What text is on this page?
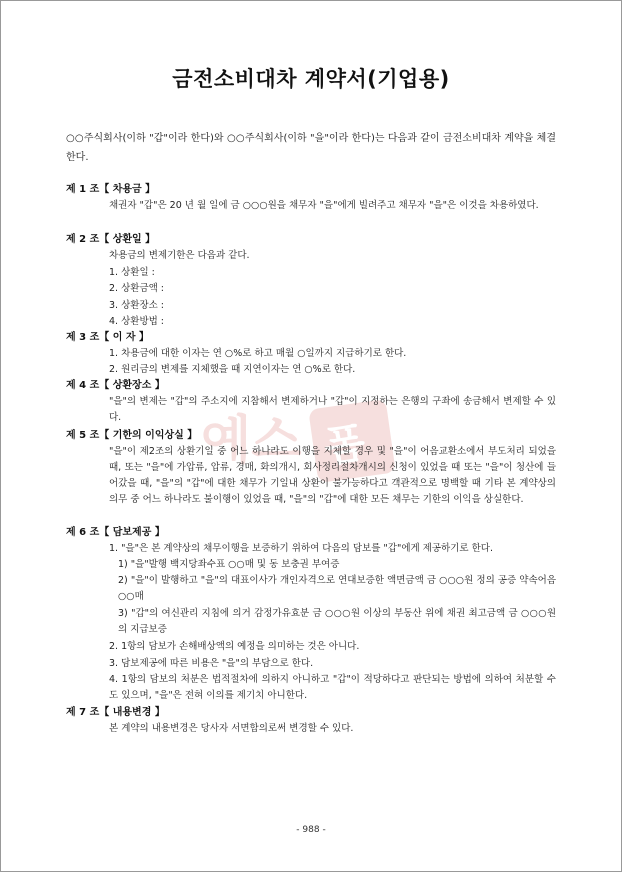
금전소비대차 계약서(기업용)
예스 폼
○○주식회사(이하 "갑"이라 한다)와 ○○주식회사(이하 "을"이라 한다)는 다음과 같이 금전소비대차 계약을 체결한다.
제 1 조【 차용금 】
채권자 "갑"은 20 년 월 일에 금 ○○○원을 채무자 "을"에게 빌려주고 채무자 "을"은 이것을 차용하였다.
제 2 조【 상환일 】
차용금의 변제기한은 다음과 같다.
1. 상환일 :
2. 상환금액 :
3. 상환장소 :
4. 상환방법 :
제 3 조【 이 자 】
1. 차용금에 대한 이자는 연 ○%로 하고 매월 ○일까지 지급하기로 한다.
2. 원리금의 변제를 지체했을 때 지연이자는 연 ○%로 한다.
제 4 조【 상환장소 】
"을"의 변제는 "갑"의 주소지에 지참해서 변제하거나 "갑"이 지정하는 은행의 구좌에 송금해서 변제할 수 있다.
제 5 조【 기한의 이익상실 】
"을"이 제2조의 상환기일 중 어느 하나라도 이행을 지체할 경우 및 "을"이 어음교환소에서 부도처리 되었을 때, 또는 "을"에 가압류, 압류, 경매, 화의개시, 회사정리절차개시의 신청이 있었을 때 또는 "을"이 청산에 들어갔을 때, "을"의 "갑"에 대한 채무가 기일내 상환이 불가능하다고 객관적으로 명백할 때 기타 본 계약상의 의무 중 어느 하나라도 불이행이 있었을 때, "을"의 "갑"에 대한 모든 채무는 기한의 이익을 상실한다.
제 6 조【 담보제공 】
1. "을"은 본 계약상의 채무이행을 보증하기 위하여 다음의 담보를 "갑"에게 제공하기로 한다.
1) "을"발행 백지당좌수표 ○○매 및 동 보충권 부여증
2) "을"이 발행하고 "을"의 대표이사가 개인자격으로 연대보증한 액면금액 금 ○○○원 정의 공증 약속어음 ○○매
3) "갑"의 여신관리 지침에 의거 감정가유효분 금 ○○○원 이상의 부동산 위에 채권 최고금액 금 ○○○원의 지급보증
2. 1항의 담보가 손해배상액의 예정을 의미하는 것은 아니다.
3. 담보제공에 따른 비용은 "을"의 부담으로 한다.
4. 1항의 담보의 처분은 법적절차에 의하지 아니하고 "갑"이 적당하다고 판단되는 방법에 의하여 처분할 수도 있으며, "을"은 전혀 이의를 제기치 아니한다.
제 7 조【 내용변경 】
본 계약의 내용변경은 당사자 서면합의로써 변경할 수 있다.
- 988 -
